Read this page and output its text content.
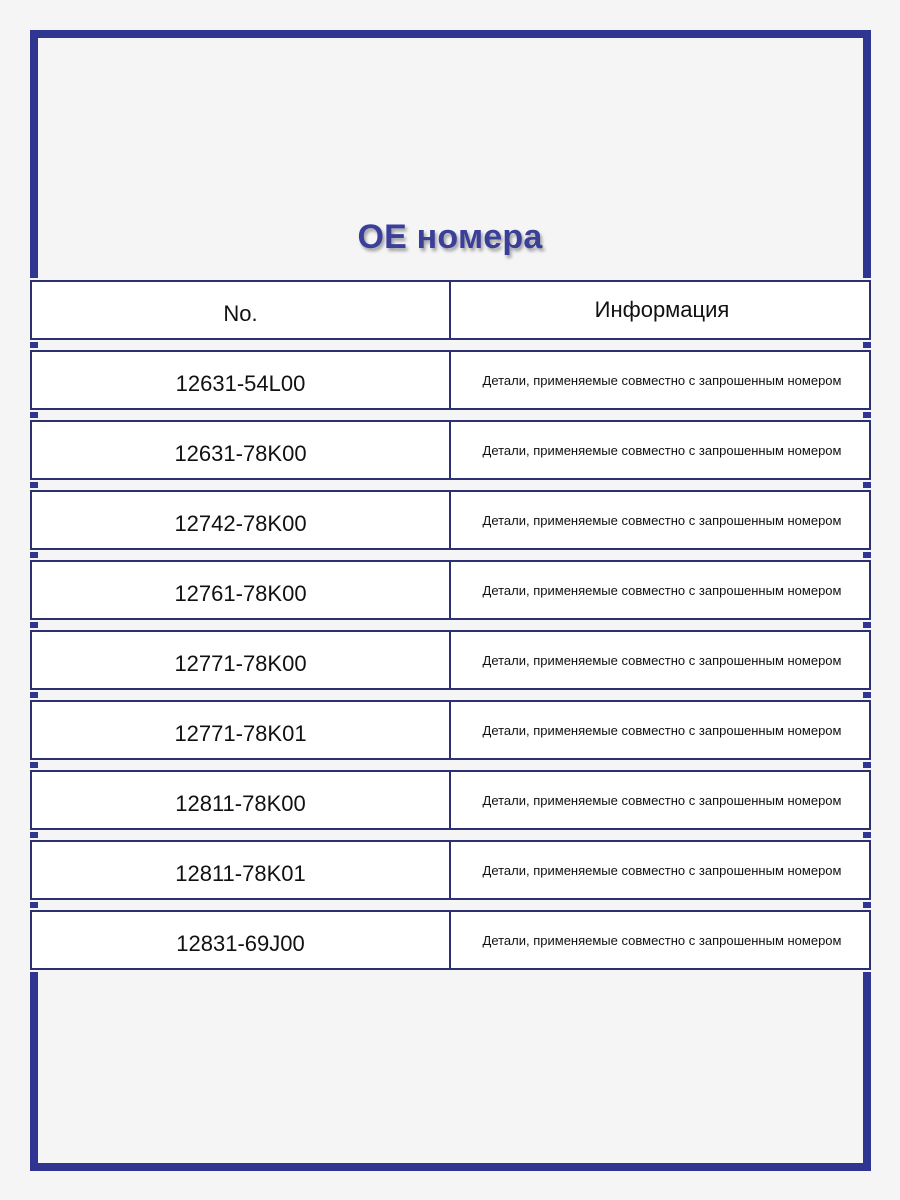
OE номера
No.	Информация
12631-54L00	Детали, применяемые совместно с запрошенным номером
12631-78K00	Детали, применяемые совместно с запрошенным номером
12742-78K00	Детали, применяемые совместно с запрошенным номером
12761-78K00	Детали, применяемые совместно с запрошенным номером
12771-78K00	Детали, применяемые совместно с запрошенным номером
12771-78K01	Детали, применяемые совместно с запрошенным номером
12811-78K00	Детали, применяемые совместно с запрошенным номером
12811-78K01	Детали, применяемые совместно с запрошенным номером
12831-69J00	Детали, применяемые совместно с запрошенным номером
